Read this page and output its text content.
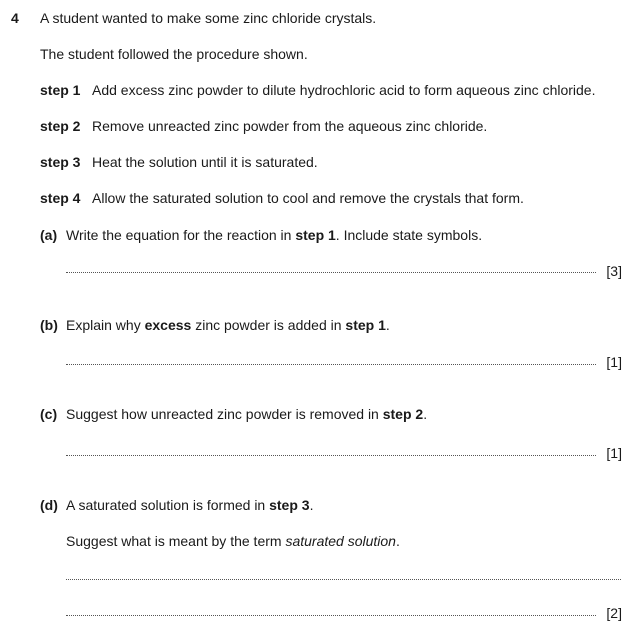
4 A student wanted to make some zinc chloride crystals.
The student followed the procedure shown.
step 1 Add excess zinc powder to dilute hydrochloric acid to form aqueous zinc chloride.
step 2 Remove unreacted zinc powder from the aqueous zinc chloride.
step 3 Heat the solution until it is saturated.
step 4 Allow the saturated solution to cool and remove the crystals that form.
(a) Write the equation for the reaction in step 1. Include state symbols.
[3]
(b) Explain why excess zinc powder is added in step 1.
[1]
(c) Suggest how unreacted zinc powder is removed in step 2.
[1]
(d) A saturated solution is formed in step 3.
Suggest what is meant by the term saturated solution.
[2]
